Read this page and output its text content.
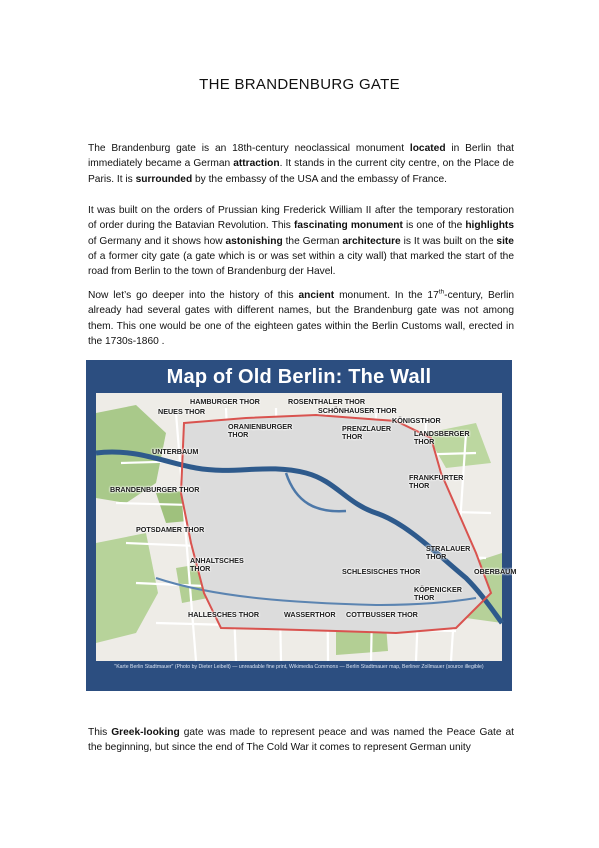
THE BRANDENBURG GATE
The Brandenburg gate is an 18th-century neoclassical monument located in Berlin that immediately became a German attraction. It stands in the current city centre, on the Place de Paris. It is surrounded by the embassy of the USA and the embassy of France.
It was built on the orders of Prussian king Frederick William II after the temporary restoration of order during the Batavian Revolution. This fascinating monument is one of the highlights of Germany and it shows how astonishing the German architecture is It was built on the site of a former city gate (a gate which is or was set within a city wall) that marked the start of the road from Berlin to the town of Brandenburg der Havel.
Now let’s go deeper into the history of this ancient monument. In the 17th-century, Berlin already had several gates with different names, but the Brandenburg gate was not among them. This one would be one of the eighteen gates within the Berlin Customs wall, erected in the 1730s-1860 .
Map of Old Berlin: The Wall
HAMBURGER THOR	ROSENTHALER THOR
NEUES THOR	SCHÖNHAUSER THOR
KÖNIGSTHOR
ORANIENBURGER THOR
PRENZLAUER THOR	LANDSBERGER THOR
UNTERBAUM
FRANKFURTER THOR
BRANDENBURGER THOR
POTSDAMER THOR
ANHALTSCHES THOR
STRALAUER THOR
SCHLESISCHES THOR	OBERBAUM
KÖPENICKER THOR
HALLESCHES THOR	WASSERTHOR COTTBUSSER THOR
"Karte Berlin Stadtmauer" (Photo by Dieter Leibelt) — unreadable fine print, Wikimedia Commons — Berlin Stadtmauer map, Berliner Zollmauer (source illegible)
This Greek-looking gate was made to represent peace and was named the Peace Gate at the beginning, but since the end of The Cold War it comes to represent German unity
